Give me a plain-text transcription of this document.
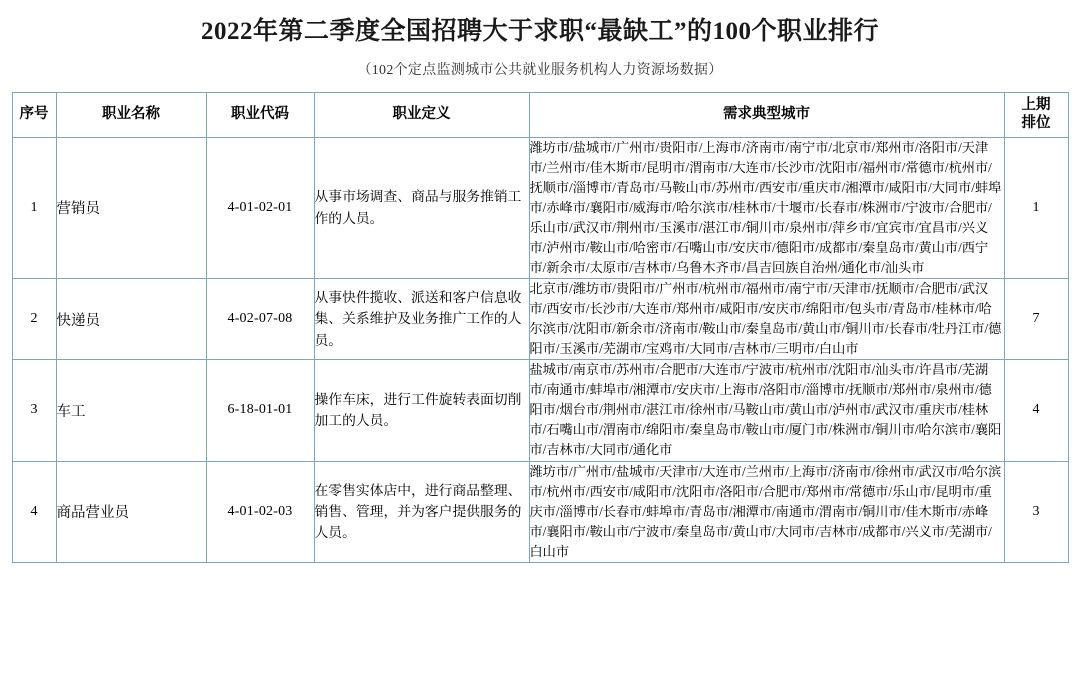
2022年第二季度全国招聘大于求职“最缺工”的100个职业排行
（102个定点监测城市公共就业服务机构人力资源场数据）
序号	职业名称	职业代码	职业定义	需求典型城市	上期
排位

1	营销员	4-01-02-01	从事市场调查、商品与服务推销工作的人员。	潍坊市/盐城市/广州市/贵阳市/上海市/济南市/南宁市/北京市/郑州市/洛阳市/天津市/兰州市/佳木斯市/昆明市/渭南市/大连市/长沙市/沈阳市/福州市/常德市/杭州市/抚顺市/淄博市/青岛市/马鞍山市/苏州市/西安市/重庆市/湘潭市/咸阳市/大同市/蚌埠市/赤峰市/襄阳市/威海市/哈尔滨市/桂林市/十堰市/长春市/株洲市/宁波市/合肥市/乐山市/武汉市/荆州市/玉溪市/湛江市/铜川市/泉州市/萍乡市/宜宾市/宜昌市/兴义市/泸州市/鞍山市/哈密市/石嘴山市/安庆市/德阳市/成都市/秦皇岛市/黄山市/西宁市/新余市/太原市/吉林市/乌鲁木齐市/昌吉回族自治州/通化市/汕头市	1
2	快递员	4-02-07-08	从事快件揽收、派送和客户信息收集、关系维护及业务推广工作的人员。	北京市/潍坊市/贵阳市/广州市/杭州市/福州市/南宁市/天津市/抚顺市/合肥市/武汉市/西安市/长沙市/大连市/郑州市/咸阳市/安庆市/绵阳市/包头市/青岛市/桂林市/哈尔滨市/沈阳市/新余市/济南市/鞍山市/秦皇岛市/黄山市/铜川市/长春市/牡丹江市/德阳市/玉溪市/芜湖市/宝鸡市/大同市/吉林市/三明市/白山市	7
3	车工	6-18-01-01	操作车床，进行工件旋转表面切削加工的人员。	盐城市/南京市/苏州市/合肥市/大连市/宁波市/杭州市/沈阳市/汕头市/许昌市/芜湖市/南通市/蚌埠市/湘潭市/安庆市/上海市/洛阳市/淄博市/抚顺市/郑州市/泉州市/德阳市/烟台市/荆州市/湛江市/徐州市/马鞍山市/黄山市/泸州市/武汉市/重庆市/桂林市/石嘴山市/渭南市/绵阳市/秦皇岛市/鞍山市/厦门市/株洲市/铜川市/哈尔滨市/襄阳市/吉林市/大同市/通化市	4
4	商品营业员	4-01-02-03	在零售实体店中，进行商品整理、销售、管理，并为客户提供服务的人员。	潍坊市/广州市/盐城市/天津市/大连市/兰州市/上海市/济南市/徐州市/武汉市/哈尔滨市/杭州市/西安市/咸阳市/沈阳市/洛阳市/合肥市/郑州市/常德市/乐山市/昆明市/重庆市/淄博市/长春市/蚌埠市/青岛市/湘潭市/南通市/渭南市/铜川市/佳木斯市/赤峰市/襄阳市/鞍山市/宁波市/秦皇岛市/黄山市/大同市/吉林市/成都市/兴义市/芜湖市/白山市	3
